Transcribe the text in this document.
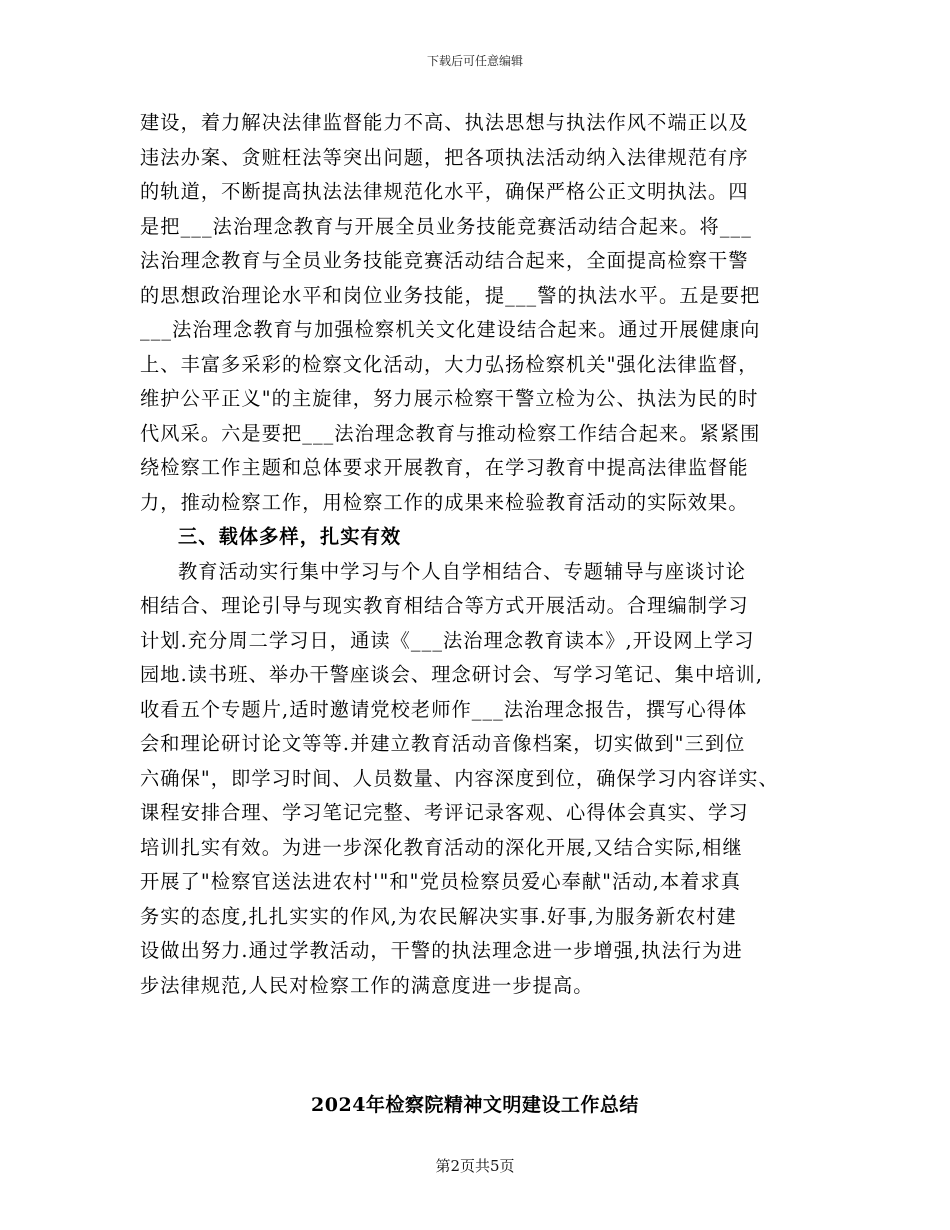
下载后可任意编辑

建设，着力解决法律监督能力不高、执法思想与执法作风不端正以及

违法办案、贪赃枉法等突出问题，把各项执法活动纳入法律规范有序

的轨道，不断提高执法法律规范化水平，确保严格公正文明执法。四

是把___法治理念教育与开展全员业务技能竞赛活动结合起来。将___

法治理念教育与全员业务技能竞赛活动结合起来，全面提高检察干警

的思想政治理论水平和岗位业务技能，提___警的执法水平。五是要把

___法治理念教育与加强检察机关文化建设结合起来。通过开展健康向

上、丰富多采彩的检察文化活动，大力弘扬检察机关"强化法律监督，

维护公平正义"的主旋律，努力展示检察干警立检为公、执法为民的时

代风采。六是要把___法治理念教育与推动检察工作结合起来。紧紧围

绕检察工作主题和总体要求开展教育，在学习教育中提高法律监督能

力，推动检察工作，用检察工作的成果来检验教育活动的实际效果。

三、载体多样，扎实有效

教育活动实行集中学习与个人自学相结合、专题辅导与座谈讨论

相结合、理论引导与现实教育相结合等方式开展活动。合理编制学习

计划.充分周二学习日，通读《___法治理念教育读本》,开设网上学习

园地.读书班、举办干警座谈会、理念研讨会、写学习笔记、集中培训,

收看五个专题片,适时邀请党校老师作___法治理念报告，撰写心得体

会和理论研讨论文等等.并建立教育活动音像档案，切实做到"三到位

六确保"，即学习时间、人员数量、内容深度到位，确保学习内容详实、

课程安排合理、学习笔记完整、考评记录客观、心得体会真实、学习

培训扎实有效。为进一步深化教育活动的深化开展,又结合实际,相继

开展了"检察官送法进农村'"和"党员检察员爱心奉献"活动,本着求真

务实的态度,扎扎实实的作风,为农民解决实事.好事,为服务新农村建

设做出努力.通过学教活动，干警的执法理念进一步增强,执法行为进

步法律规范,人民对检察工作的满意度进一步提高。

2024年检察院精神文明建设工作总结
第2页共5页
